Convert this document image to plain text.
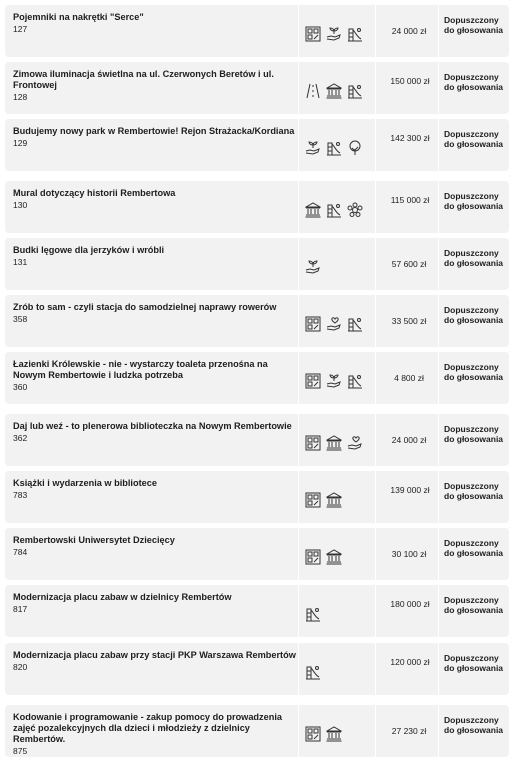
Pojemniki na nakrętki "Serce"
127	24 000 zł
Dopuszczony do głosowania
Zimowa iluminacja świetlna na ul. Czerwonych Beretów i ul. Frontowej
128
150 000 zł Dopuszczony do głosowania
Budujemy nowy park w Rembertowie! Rejon Strażacka/Kordiana
129	142 300 zł Dopuszczony do głosowania
Mural dotyczący historii Rembertowa
130	115 000 zł Dopuszczony do głosowania
Budki lęgowe dla jerzyków i wróbli
131	57 600 zł
Dopuszczony do głosowania
Zrób to sam - czyli stacja do samodzielnej naprawy rowerów
358	33 500 zł
Dopuszczony do głosowania
Łazienki Królewskie - nie - wystarczy toaleta przenośna na Nowym Rembertowie i ludzka potrzeba
360
4 800 zł
Dopuszczony do głosowania
Daj lub weź - to plenerowa biblioteczka na Nowym Rembertowie
362	24 000 zł
Dopuszczony do głosowania
Książki i wydarzenia w bibliotece
783	139 000 zł Dopuszczony do głosowania
Rembertowski Uniwersytet Dziecięcy
784	30 100 zł
Dopuszczony do głosowania
Modernizacja placu zabaw w dzielnicy Rembertów
817	180 000 zł Dopuszczony do głosowania
Modernizacja placu zabaw przy stacji PKP Warszawa Rembertów
820	120 000 zł Dopuszczony do głosowania
Kodowanie i programowanie - zakup pomocy do prowadzenia zajęć pozalekcyjnych dla dzieci i młodzieży z dzielnicy Rembertów.
875
27 230 zł
Dopuszczony do głosowania
